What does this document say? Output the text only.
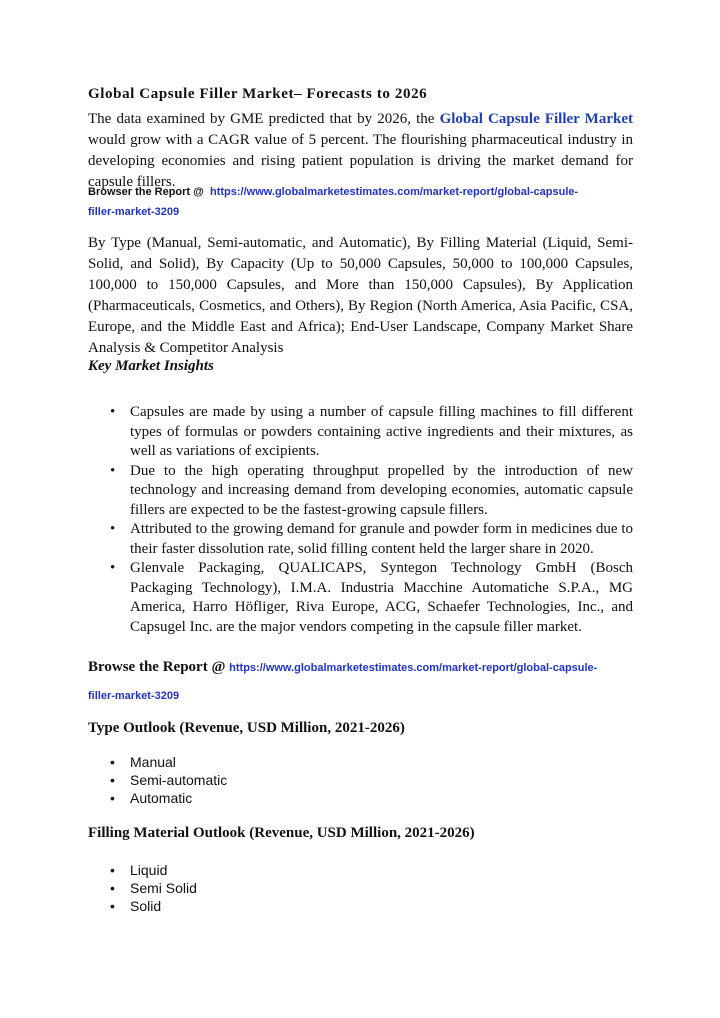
Global Capsule Filler Market– Forecasts to 2026

The data examined by GME predicted that by 2026, the Global Capsule Filler Market would grow with a CAGR value of 5 percent. The flourishing pharmaceutical industry in developing economies and rising patient population is driving the market demand for capsule fillers.

Browser the Report @  https://www.globalmarketestimates.com/market-report/global-capsule-
filler-market-3209

By Type (Manual, Semi-automatic, and Automatic), By Filling Material (Liquid, Semi-Solid, and Solid), By Capacity (Up to 50,000 Capsules, 50,000 to 100,000 Capsules, 100,000 to 150,000 Capsules, and More than 150,000 Capsules), By Application (Pharmaceuticals, Cosmetics, and Others), By Region (North America, Asia Pacific, CSA, Europe, and the Middle East and Africa); End-User Landscape, Company Market Share Analysis & Competitor Analysis

Key Market Insights
• Capsules are made by using a number of capsule filling machines to fill different types of formulas or powders containing active ingredients and their mixtures, as well as variations of excipients.
• Due to the high operating throughput propelled by the introduction of new technology and increasing demand from developing economies, automatic capsule fillers are expected to be the fastest-growing capsule fillers.
• Attributed to the growing demand for granule and powder form in medicines due to their faster dissolution rate, solid filling content held the larger share in 2020.
• Glenvale Packaging, QUALICAPS, Syntegon Technology GmbH (Bosch Packaging Technology), I.M.A. Industria Macchine Automatiche S.P.A., MG America, Harro Höfliger, Riva Europe, ACG, Schaefer Technologies, Inc., and Capsugel Inc. are the major vendors competing in the capsule filler market.
Browse the Report @ https://www.globalmarketestimates.com/market-report/global-capsule-
filler-market-3209
Type Outlook (Revenue, USD Million, 2021-2026)
• Manual
• Semi-automatic
• Automatic
Filling Material Outlook (Revenue, USD Million, 2021-2026)
• Liquid
• Semi Solid
• Solid
